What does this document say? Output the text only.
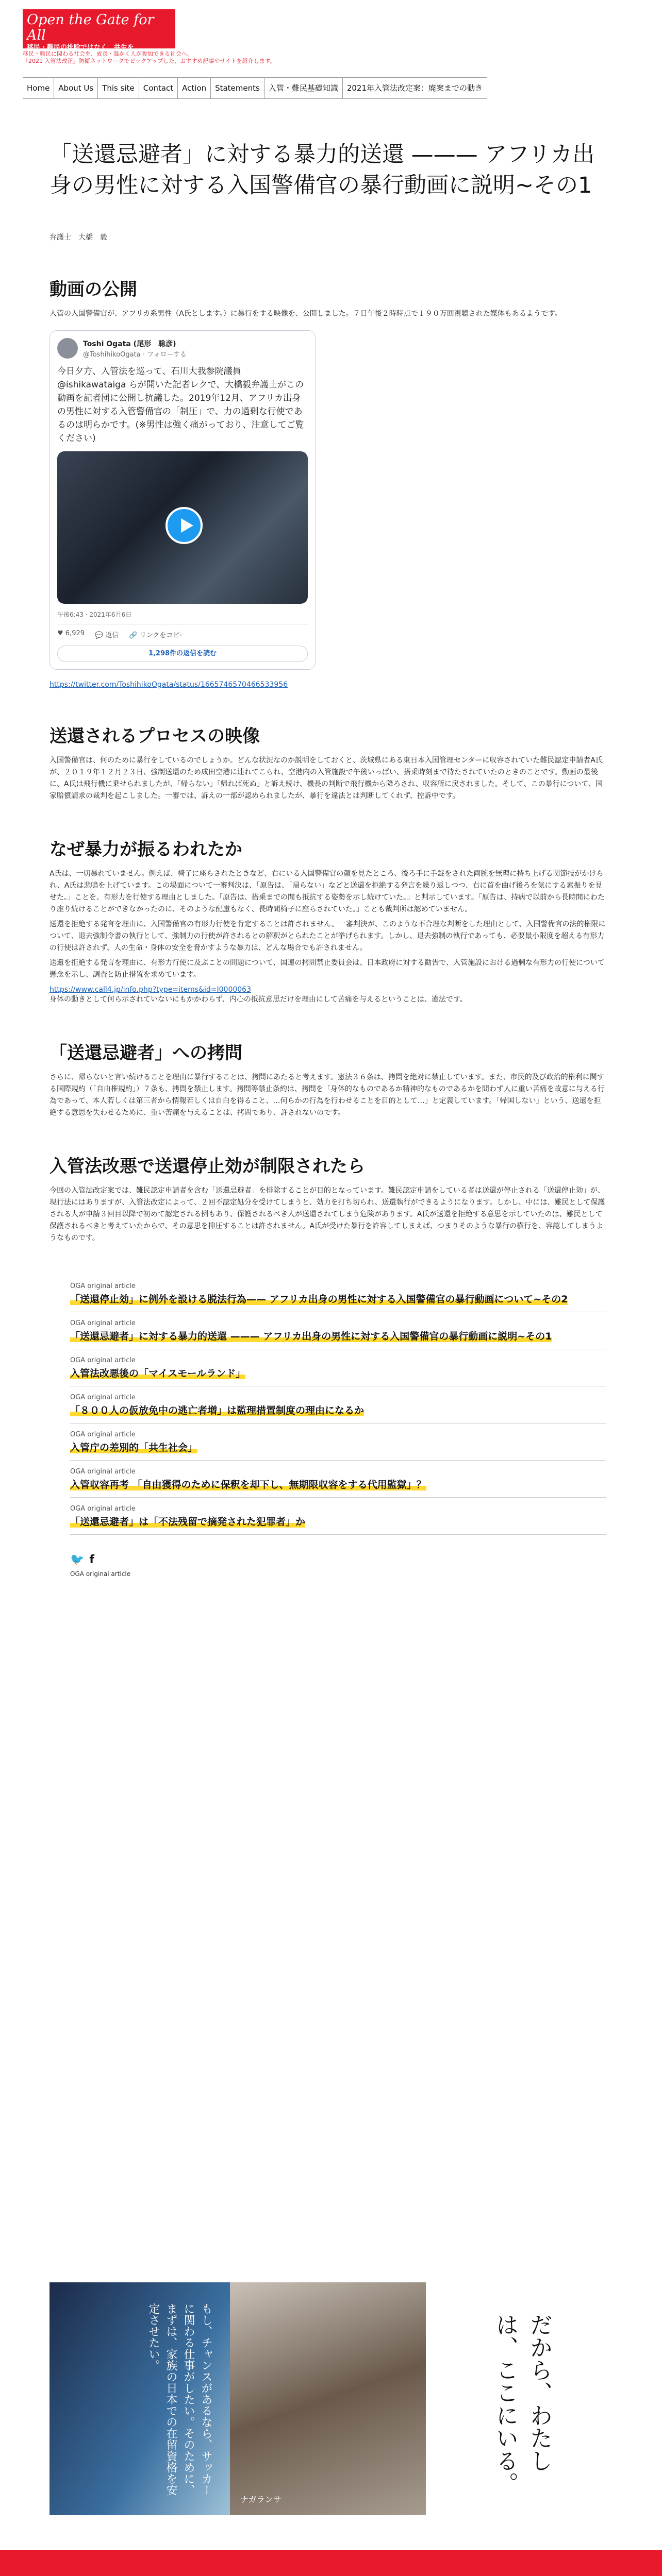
Open the Gate for All
移民・難民の排除ではなく、共生を
移民・難民に関わる社会を、成長・温かく人が参加できる社会へ。
「2021 入管法改正」防衛ネットワークでピックアップした、おすすめ記事やサイトを紹介します。
Home	About Us	This site	Contact	Action	Statements	入管・難民基礎知識	2021年入管法改定案：廃案までの動き
「送還忌避者」に対する暴力的送還 ——— アフリカ出身の男性に対する入国警備官の暴行動画に説明~その1
弁護士　大橋　毅
動画の公開

入管の入国警備官が、アフリカ系男性（A氏とします。）に暴行をする映像を、公開しました。７日午後２時時点で１９０万回視聴された媒体もあるようです。

Toshi Ogata (尾形　聡彦)
@ToshihikoOgata · フォローする
今日夕方、入管法を巡って、石川大我参院議員@ishikawataiga らが開いた記者レクで、大橋毅弁護士がこの動画を記者団に公開し抗議した。2019年12月、アフリカ出身の男性に対する入管警備官の「制圧」で、力の過剰な行使であるのは明らかです。(※男性は強く痛がっており、注意してご覧ください)
午後6:43 · 2021年6月6日
♥ 6,929 💬 返信 🔗 リンクをコピー
1,298件の返信を読む
https://twitter.com/ToshihikoOgata/status/1665746570466533956
送還されるプロセスの映像

入国警備官は、何のために暴行をしているのでしょうか。どんな状況なのか説明をしておくと、茨城県にある東日本入国管理センターに収容されていた難民認定申請者A氏が、２０１９年１２月２３日、強制送還のため成田空港に連れてこられ、空港内の入管施設で午後いっぱい、搭乗時刻まで待たされていたのときのことです。動画の最後に、A氏は飛行機に乗せられましたが、「帰らない」「帰れば死ぬ」と訴え続け、機長の判断で飛行機から降ろされ、収容所に戻されました。そして、この暴行について、国家賠償請求の裁判を起こしました。一審では、訴えの一部が認められましたが、暴行を違法とは判断してくれず、控訴中です。

なぜ暴力が振るわれたか

A氏は、一切暴れていません。例えば、椅子に座らされたときなど、右にいる入国警備官の顔を見たところ、後ろ手に手錠をされた両腕を無理に持ち上げる関節技がかけられ、A氏は悲鳴を上げています。この場面について一審判決は、「原告は、「帰らない」などと送還を拒絶する発言を繰り返しつつ、右に首を曲げ後ろを気にする素振りを見せた。」ことを、有形力を行使する理由としました。「原告は、搭乗までの間も抵抗する姿勢を示し続けていた。」と判示しています。「原告は、持病で以前から長時間にわたり座り続けることができなかったのに、そのような配慮もなく、長時間椅子に座らされていた。」ことも裁判所は認めていません。

送還を拒絶する発言を理由に、入国警備官の有形力行使を肯定することは許されません。一審判決が、このような不合理な判断をした理由として、入国警備官の法的権限について、退去強制令書の執行として、強制力の行使が許されるとの解釈がとられたことが挙げられます。しかし、退去強制の執行であっても、必要最小限度を超える有形力の行使は許されず、人の生命・身体の安全を脅かすような暴力は、どんな場合でも許されません。

送還を拒絶する発言を理由に、有形力行使に及ぶことの問題について、国連の拷問禁止委員会は、日本政府に対する勧告で、入管施設における過剰な有形力の行使について懸念を示し、調査と防止措置を求めています。

https://www.call4.jp/info.php?type=items&id=I0000063

身体の動きとして何ら示されていないにもかかわらず、内心の抵抗意思だけを理由にして苦痛を与えるということは、違法です。

「送還忌避者」への拷問

さらに、帰らないと言い続けることを理由に暴行することは、拷問にあたると考えます。憲法３６条は、拷問を絶対に禁止しています。また、市民的及び政治的権利に関する国際規約（「自由権規約」）７条も、拷問を禁止します。拷問等禁止条約は、拷問を「身体的なものであるか精神的なものであるかを問わず人に重い苦痛を故意に与える行為であって、本人若しくは第三者から情報若しくは自白を得ること、…何らかの行為を行わせることを目的として…」と定義しています。「帰国しない」という、送還を拒絶する意思を失わせるために、重い苦痛を与えることは、拷問であり、許されないのです。

入管法改悪で送還停止効が制限されたら

今回の入管法改定案では、難民認定申請者を含む「送還忌避者」を排除することが目的となっています。難民認定申請をしている者は送還が停止される「送還停止効」が、現行法にはありますが、入管法改定によって、２回不認定処分を受けてしまうと、効力を打ち切られ、送還執行ができるようになります。しかし、中には、難民として保護される人が申請３回目以降で初めて認定される例もあり、保護されるべき人が送還されてしまう危険があります。A氏が送還を拒絶する意思を示していたのは、難民として保護されるべきと考えていたからで、その意思を抑圧することは許されません。A氏が受けた暴行を許容してしまえば、つまりそのような暴行の横行を、容認してしまうようなものです。

OGA original article
「送還停止効」に例外を設ける脱法行為—— アフリカ出身の男性に対する入国警備官の暴行動画について~その2
OGA original article
「送還忌避者」に対する暴力的送還 ——— アフリカ出身の男性に対する入国警備官の暴行動画に説明~その1
OGA original article
入管法改悪後の「マイスモールランド」
OGA original article
「８００人の仮放免中の逃亡者増」は監理措置制度の理由になるか
OGA original article
入管庁の差別的「共生社会」
OGA original article
入管収容再考 「自由獲得のために保釈を却下し、無期限収容をする代用監獄」？
OGA original article
「送還忌避者」は「不法残留で摘発された犯罪者」か
🐦 f
OGA original article
もし、チャンスがあるなら、サッカーに関わる仕事がしたい。そのために、まずは、家族の日本での在留資格を安定させたい。
ナガランサ
だから、わたしは、ここにいる。
